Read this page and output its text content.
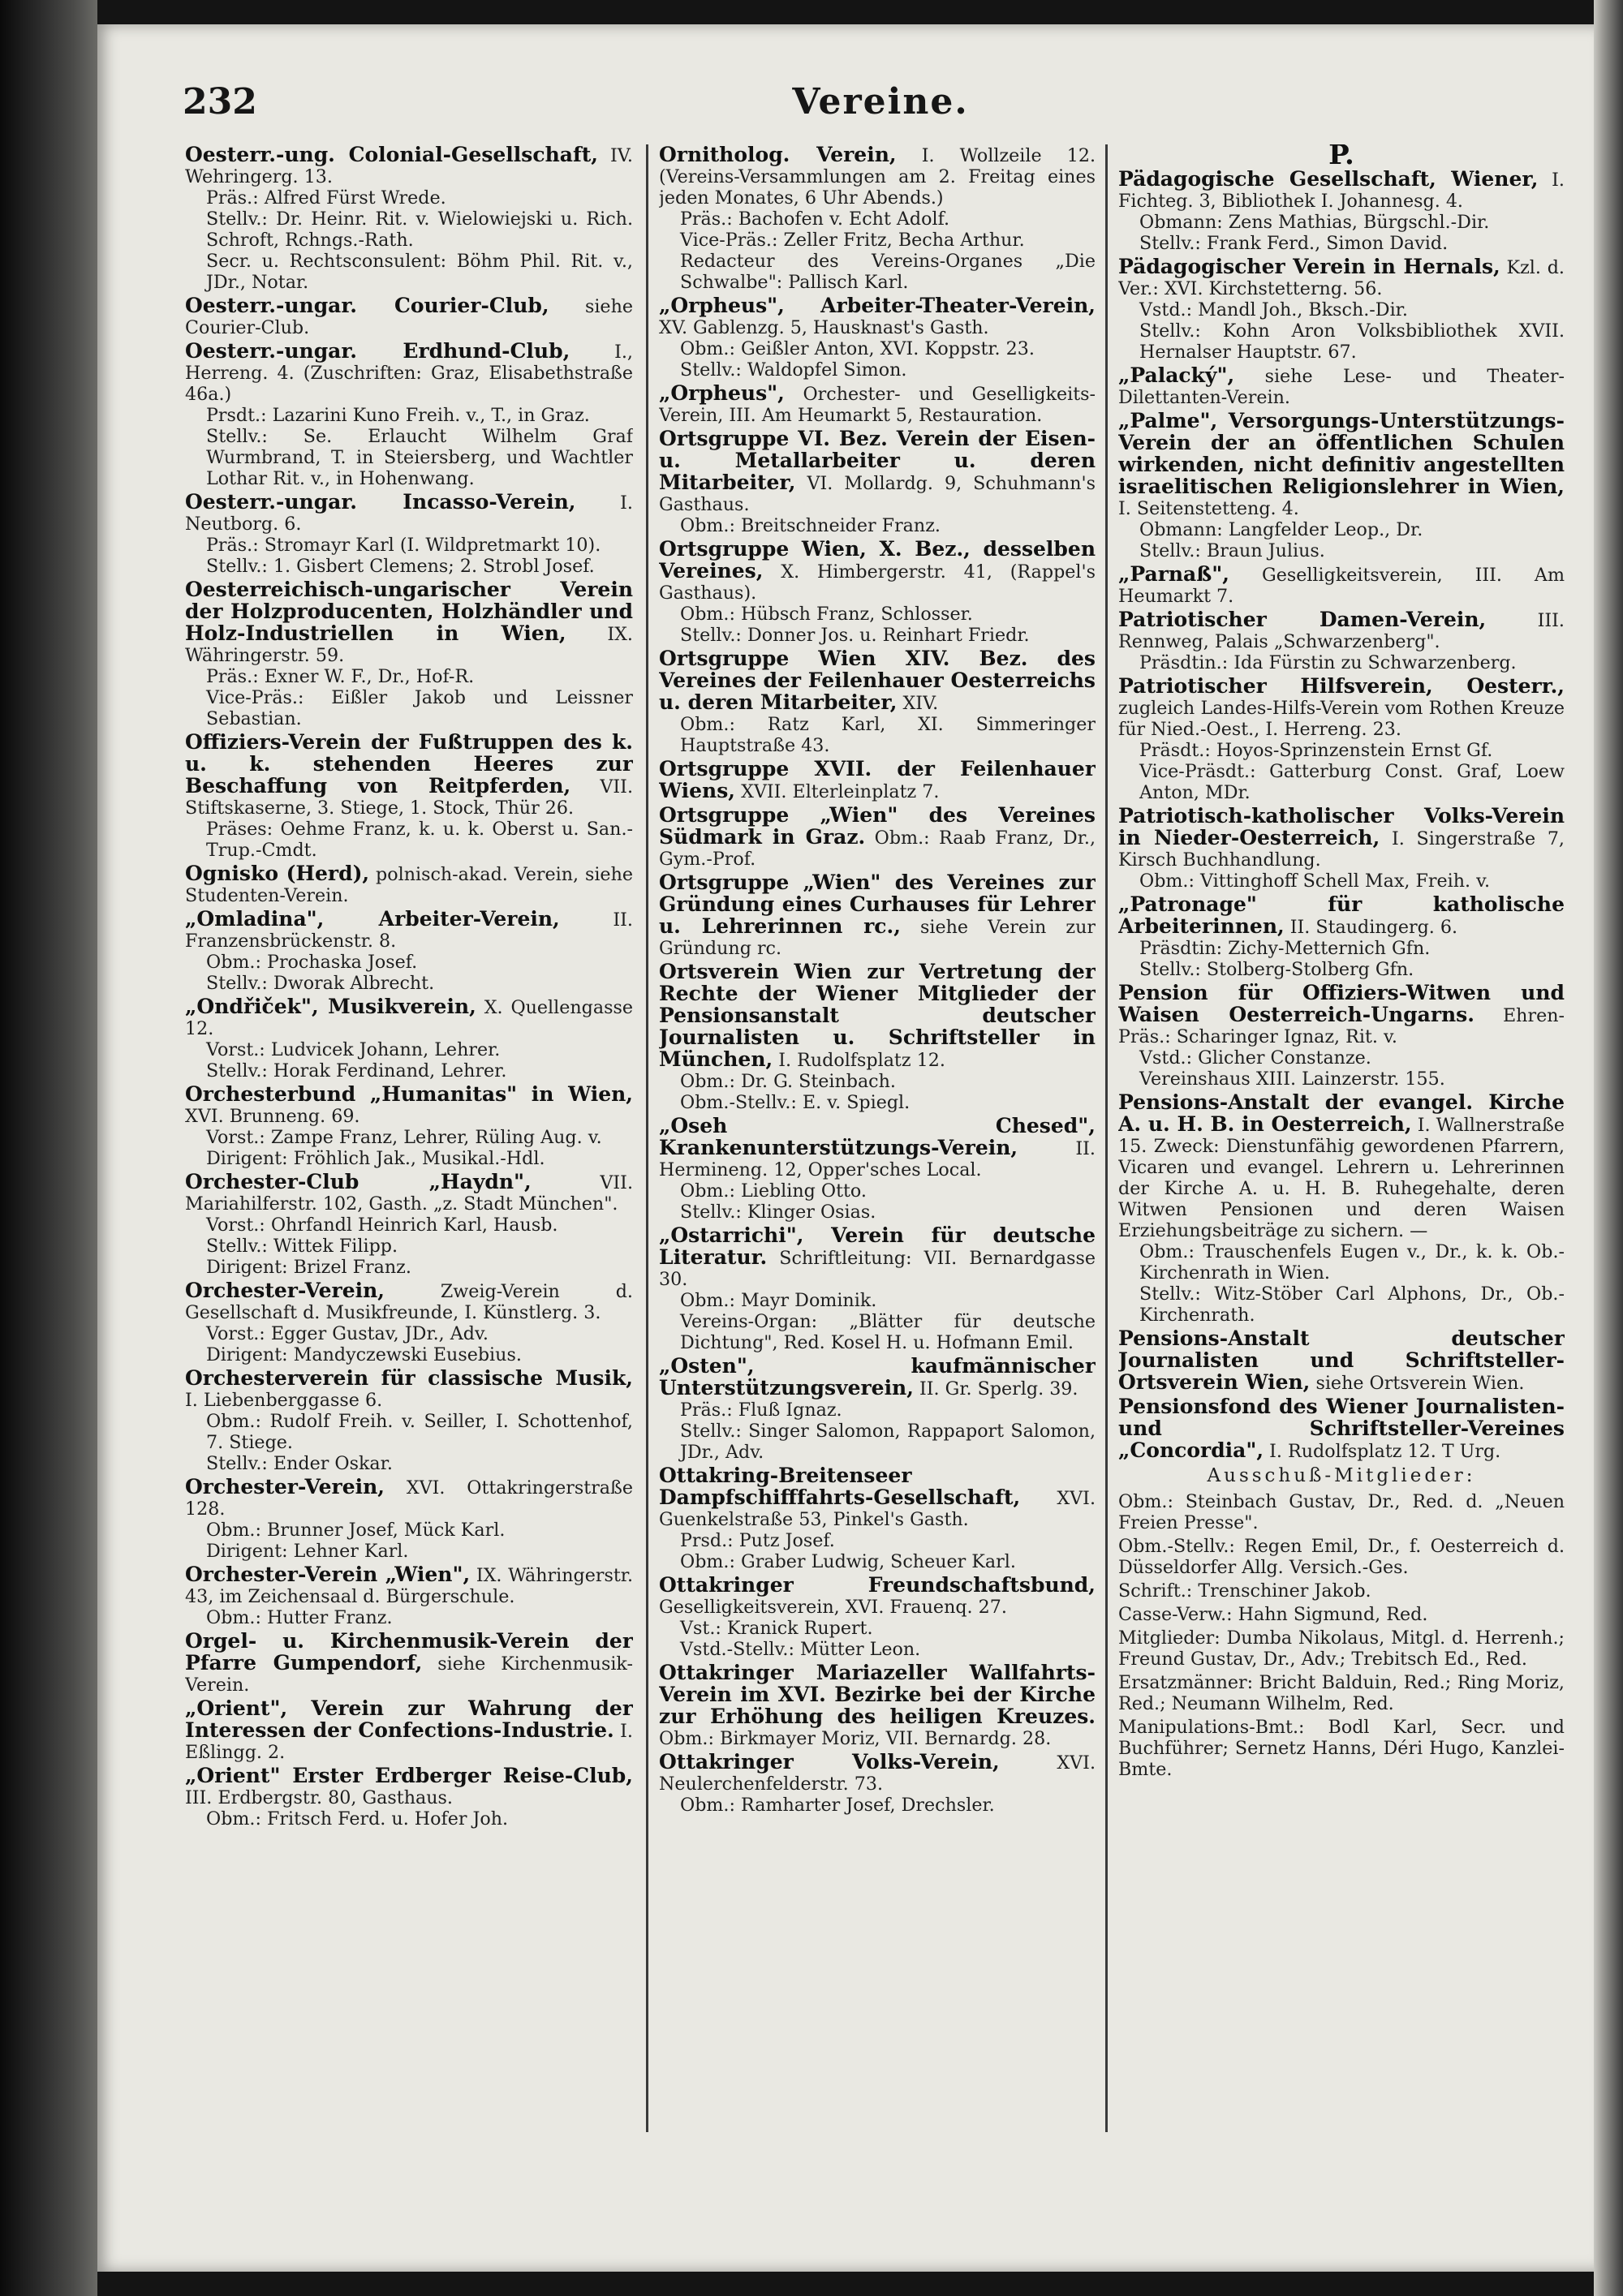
232	Vereine.
Oesterr.-ung. Colonial-Gesellschaft, IV. Wehringerg. 13.
Präs.: Alfred Fürst Wrede.
Stellv.: Dr. Heinr. Rit. v. Wielowiejski u. Rich. Schroft, Rchngs.-Rath.
Secr. u. Rechtsconsulent: Böhm Phil. Rit. v., JDr., Notar.
Oesterr.-ungar. Courier-Club, siehe Courier-Club.
Oesterr.-ungar. Erdhund-Club, I., Herreng. 4. (Zuschriften: Graz, Elisabethstraße 46a.)
Prsdt.: Lazarini Kuno Freih. v., T., in Graz.
Stellv.: Se. Erlaucht Wilhelm Graf Wurmbrand, T. in Steiersberg, und Wachtler Lothar Rit. v., in Hohenwang.
Oesterr.-ungar. Incasso-Verein, I. Neutborg. 6.
Präs.: Stromayr Karl (I. Wildpretmarkt 10).
Stellv.: 1. Gisbert Clemens; 2. Strobl Josef.
Oesterreichisch-ungarischer Verein der Holzproducenten, Holzhändler und Holz-Industriellen in Wien, IX. Währingerstr. 59.
Präs.: Exner W. F., Dr., Hof-R.
Vice-Präs.: Eißler Jakob und Leissner Sebastian.
Offiziers-Verein der Fußtruppen des k. u. k. stehenden Heeres zur Beschaffung von Reitpferden, VII. Stiftskaserne, 3. Stiege, 1. Stock, Thür 26.
Präses: Oehme Franz, k. u. k. Oberst u. San.-Trup.-Cmdt.
Ognisko (Herd), polnisch-akad. Verein, siehe Studenten-Verein.
„Omladina", Arbeiter-Verein,	II. Franzensbrückenstr. 8.
Obm.: Prochaska Josef.
Stellv.: Dworak Albrecht.
„Ondřiček", Musikverein, X. Quellengasse 12.
Vorst.: Ludvicek Johann, Lehrer.
Stellv.: Horak Ferdinand, Lehrer.
Orchesterbund „Humanitas" in Wien, XVI. Brunneng. 69.
Vorst.: Zampe Franz, Lehrer, Rüling Aug. v.
Dirigent: Fröhlich Jak., Musikal.-Hdl.
Orchester-Club „Haydn",	VII. Mariahilferstr. 102, Gasth. „z. Stadt München".
Vorst.: Ohrfandl Heinrich Karl, Hausb.
Stellv.: Wittek Filipp.
Dirigent: Brizel Franz.
Orchester-Verein,	Zweig-Verein d. Gesellschaft d. Musikfreunde, I. Künstlerg. 3.
Vorst.: Egger Gustav, JDr., Adv.
Dirigent: Mandyczewski Eusebius.
Orchesterverein für classische Musik, I. Liebenberggasse 6.
Obm.: Rudolf Freih. v. Seiller, I. Schottenhof, 7. Stiege.
Stellv.: Ender Oskar.
Orchester-Verein, XVI. Ottakringerstraße 128.
Obm.: Brunner Josef, Mück Karl.
Dirigent: Lehner Karl.
Orchester-Verein „Wien", IX. Währingerstr. 43, im Zeichensaal d. Bürgerschule.
Obm.: Hutter Franz.
Orgel- u. Kirchenmusik-Verein der Pfarre Gumpendorf, siehe Kirchenmusik-Verein.
„Orient", Verein zur Wahrung der Interessen der Confections-Industrie. I. Eßlingg. 2.
„Orient" Erster Erdberger Reise-Club, III. Erdbergstr. 80, Gasthaus.
Obm.: Fritsch Ferd. u. Hofer Joh.
Ornitholog. Verein, I. Wollzeile 12. (Vereins-Versammlungen am 2. Freitag eines jeden Monates, 6 Uhr Abends.)
Präs.: Bachofen v. Echt Adolf.
Vice-Präs.: Zeller Fritz, Becha Arthur.
Redacteur des Vereins-Organes „Die Schwalbe": Pallisch Karl.
„Orpheus", Arbeiter-Theater-Verein, XV. Gablenzg. 5, Hausknast's Gasth.
Obm.: Geißler Anton, XVI. Koppstr. 23.
Stellv.: Waldopfel Simon.
„Orpheus", Orchester- und Geselligkeits-Verein, III. Am Heumarkt 5, Restauration.
Ortsgruppe VI. Bez. Verein der Eisen- u. Metallarbeiter u. deren Mitarbeiter, VI. Mollardg. 9, Schuhmann's Gasthaus.
Obm.: Breitschneider Franz.
Ortsgruppe Wien, X. Bez., desselben Vereines, X. Himbergerstr. 41, (Rappel's Gasthaus).
Obm.: Hübsch Franz, Schlosser.
Stellv.: Donner Jos. u. Reinhart Friedr.
Ortsgruppe Wien XIV. Bez. des Vereines der Feilenhauer Oesterreichs u. deren Mitarbeiter, XIV.
Obm.: Ratz Karl, XI. Simmeringer Hauptstraße 43.
Ortsgruppe XVII. der Feilenhauer Wiens, XVII. Elterleinplatz 7.
Ortsgruppe „Wien" des Vereines Südmark in Graz. Obm.: Raab Franz, Dr., Gym.-Prof.
Ortsgruppe „Wien" des Vereines zur Gründung eines Curhauses für Lehrer u. Lehrerinnen rc., siehe Verein zur Gründung rc.
Ortsverein Wien zur Vertretung der Rechte der Wiener Mitglieder der Pensionsanstalt deutscher Journalisten u. Schriftsteller in München, I. Rudolfsplatz 12.
Obm.: Dr. G. Steinbach.
Obm.-Stellv.: E. v. Spiegl.
„Oseh Chesed", Krankenunterstützungs-Verein,	II. Hermineng. 12, Opper'sches Local.
Obm.: Liebling Otto.
Stellv.: Klinger Osias.
„Ostarrichi", Verein für deutsche Literatur. Schriftleitung: VII. Bernardgasse 30.
Obm.: Mayr Dominik.
Vereins-Organ: „Blätter für deutsche Dichtung", Red. Kosel H. u. Hofmann Emil.
„Osten", kaufmännischer Unterstützungsverein, II. Gr. Sperlg. 39.
Präs.: Fluß Ignaz.
Stellv.: Singer Salomon, Rappaport Salomon, JDr., Adv.
Ottakring-Breitenseer Dampfschifffahrts-Gesellschaft, XVI. Guenkelstraße 53, Pinkel's Gasth.
Prsd.: Putz Josef.
Obm.: Graber Ludwig, Scheuer Karl.
Ottakringer Freundschaftsbund, Geselligkeitsverein, XVI. Frauenq. 27.
Vst.: Kranick Rupert.
Vstd.-Stellv.: Mütter Leon.
Ottakringer Mariazeller Wallfahrts-Verein im XVI. Bezirke bei der Kirche zur Erhöhung des heiligen Kreuzes. Obm.: Birkmayer Moriz, VII. Bernardg. 28.
Ottakringer Volks-Verein,	XVI. Neulerchenfelderstr. 73.
Obm.: Ramharter Josef, Drechsler.
P.
Pädagogische Gesellschaft, Wiener, I. Fichteg. 3, Bibliothek I. Johannesg. 4.
Obmann: Zens Mathias, Bürgschl.-Dir.
Stellv.: Frank Ferd., Simon David.
Pädagogischer Verein in Hernals, Kzl. d. Ver.: XVI. Kirchstetterng. 56.
Vstd.: Mandl Joh., Bksch.-Dir.
Stellv.: Kohn Aron Volksbibliothek XVII. Hernalser Hauptstr. 67.
„Palacký", siehe Lese- und Theater-Dilettanten-Verein.
„Palme", Versorgungs-Unterstützungs-Verein der an öffentlichen Schulen wirkenden, nicht definitiv angestellten israelitischen Religionslehrer in Wien, I. Seitenstetteng. 4.
Obmann: Langfelder Leop., Dr.
Stellv.: Braun Julius.
„Parnaß", Geselligkeitsverein, III. Am Heumarkt 7.
Patriotischer Damen-Verein,	III. Rennweg, Palais „Schwarzenberg".
Präsdtin.: Ida Fürstin zu Schwarzenberg.
Patriotischer Hilfsverein, Oesterr., zugleich Landes-Hilfs-Verein vom Rothen Kreuze für Nied.-Oest., I. Herreng. 23.
Präsdt.: Hoyos-Sprinzenstein Ernst Gf.
Vice-Präsdt.: Gatterburg Const. Graf, Loew Anton, MDr.
Patriotisch-katholischer Volks-Verein in Nieder-Oesterreich, I. Singerstraße 7, Kirsch Buchhandlung.
Obm.: Vittinghoff Schell Max, Freih. v.
„Patronage" für katholische Arbeiterinnen, II. Staudingerg. 6.
Präsdtin: Zichy-Metternich Gfn.
Stellv.: Stolberg-Stolberg Gfn.
Pension für Offiziers-Witwen und Waisen Oesterreich-Ungarns. Ehren-Präs.: Scharinger Ignaz, Rit. v.
Vstd.: Glicher Constanze.
Vereinshaus XIII. Lainzerstr. 155.
Pensions-Anstalt der evangel. Kirche A. u. H. B. in Oesterreich, I. Wallnerstraße 15. Zweck: Dienstunfähig gewordenen Pfarrern, Vicaren und evangel. Lehrern u. Lehrerinnen der Kirche A. u. H. B. Ruhegehalte, deren Witwen Pensionen und deren Waisen Erziehungsbeiträge zu sichern. —
Obm.: Trauschenfels Eugen v., Dr., k. k. Ob.-Kirchenrath in Wien.
Stellv.: Witz-Stöber Carl Alphons, Dr., Ob.-Kirchenrath.
Pensions-Anstalt deutscher Journalisten und Schriftsteller-Ortsverein Wien, siehe Ortsverein Wien.
Pensionsfond des Wiener Journalisten- und Schriftsteller-Vereines „Concordia", I. Rudolfsplatz 12. T Urg.
Ausschuß-Mitglieder:
Obm.: Steinbach Gustav, Dr., Red. d. „Neuen Freien Presse".
Obm.-Stellv.: Regen Emil, Dr., f. Oesterreich d. Düsseldorfer Allg. Versich.-Ges.
Schrift.: Trenschiner Jakob.
Casse-Verw.: Hahn Sigmund, Red.
Mitglieder: Dumba Nikolaus, Mitgl. d. Herrenh.; Freund Gustav, Dr., Adv.; Trebitsch Ed., Red.
Ersatzmänner: Bricht Balduin, Red.; Ring Moriz, Red.; Neumann Wilhelm, Red.
Manipulations-Bmt.: Bodl Karl, Secr. und Buchführer; Sernetz Hanns, Déri Hugo, Kanzlei-Bmte.
